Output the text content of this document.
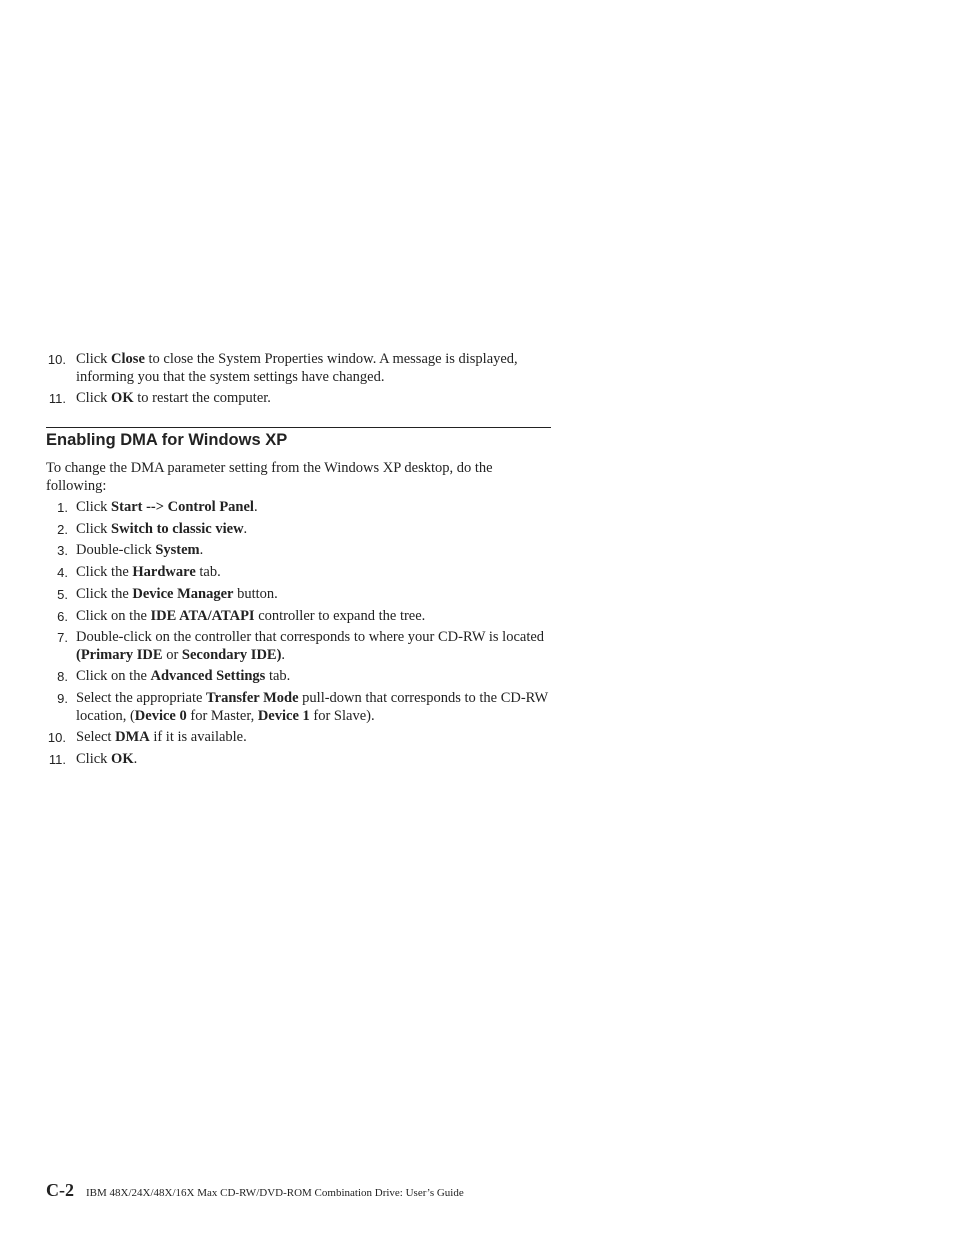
10. Click Close to close the System Properties window. A message is displayed, informing you that the system settings have changed.
11. Click OK to restart the computer.
Enabling DMA for Windows XP
To change the DMA parameter setting from the Windows XP desktop, do the following:
1. Click Start --> Control Panel.
2. Click Switch to classic view.
3. Double-click System.
4. Click the Hardware tab.
5. Click the Device Manager button.
6. Click on the IDE ATA/ATAPI controller to expand the tree.
7. Double-click on the controller that corresponds to where your CD-RW is located (Primary IDE or Secondary IDE).
8. Click on the Advanced Settings tab.
9. Select the appropriate Transfer Mode pull-down that corresponds to the CD-RW location, (Device 0 for Master, Device 1 for Slave).
10. Select DMA if it is available.
11. Click OK.
C-2 IBM 48X/24X/48X/16X Max CD-RW/DVD-ROM Combination Drive: User’s Guide
